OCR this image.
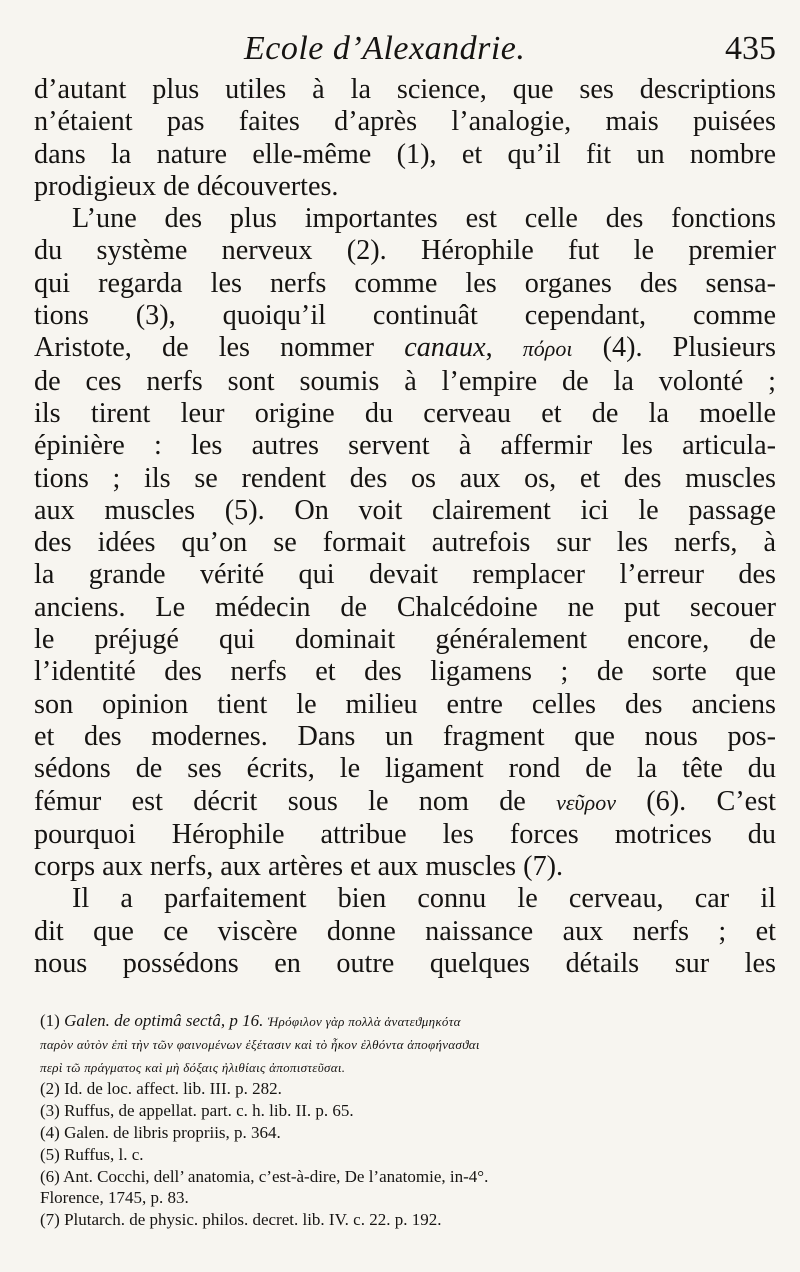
Ecole d’Alexandrie.	435
d’autant plus utiles à la science, que ses descriptions
n’étaient pas faites d’après l’analogie, mais puisées
dans la nature elle-même (1), et qu’il fit un nombre
prodigieux de découvertes.
L’une des plus importantes est celle des fonctions
du système nerveux (2). Hérophile fut le premier
qui regarda les nerfs comme les organes des sensa-
tions (3), quoiqu’il continuât cependant, comme
Aristote, de les nommer canaux, πόροι (4). Plusieurs
de ces nerfs sont soumis à l’empire de la volonté ;
ils tirent leur origine du cerveau et de la moelle
épinière : les autres servent à affermir les articula-
tions ; ils se rendent des os aux os, et des muscles
aux muscles (5). On voit clairement ici le passage
des idées qu’on se formait autrefois sur les nerfs, à
la grande vérité qui devait remplacer l’erreur des
anciens. Le médecin de Chalcédoine ne put secouer
le préjugé qui dominait généralement encore, de
l’identité des nerfs et des ligamens ; de sorte que
son opinion tient le milieu entre celles des anciens
et des modernes. Dans un fragment que nous pos-
sédons de ses écrits, le ligament rond de la tête du
fémur est décrit sous le nom de νεῦρον (6). C’est
pourquoi Hérophile attribue les forces motrices du
corps aux nerfs, aux artères et aux muscles (7).
Il a parfaitement bien connu le cerveau, car il
dit que ce viscère donne naissance aux nerfs ; et
nous possédons en outre quelques détails sur les
(1) Galen. de optimâ sectâ, p 16. Ἡρόφιλον γὰρ πολλὰ ἀνατεϑμηκότα
παρὸν αὐτὸν ἐπὶ τὴν τῶν φαινομένων ἐξέτασιν καὶ τὸ ἦκον ἐλθόντα ἀποφήνασϑαι
περὶ τῶ πράγματος καὶ μὴ δόξαις ἠλιθίαις ἀποπιστεῦσαι.
(2) Id. de loc. affect. lib. III. p. 282.
(3) Ruffus, de appellat. part. c. h. lib. II. p. 65.
(4) Galen. de libris propriis, p. 364.
(5) Ruffus, l. c.
(6) Ant. Cocchi, dell’ anatomia, c’est-à-dire, De l’anatomie, in-4°.
Florence, 1745, p. 83.
(7) Plutarch. de physic. philos. decret. lib. IV. c. 22. p. 192.
